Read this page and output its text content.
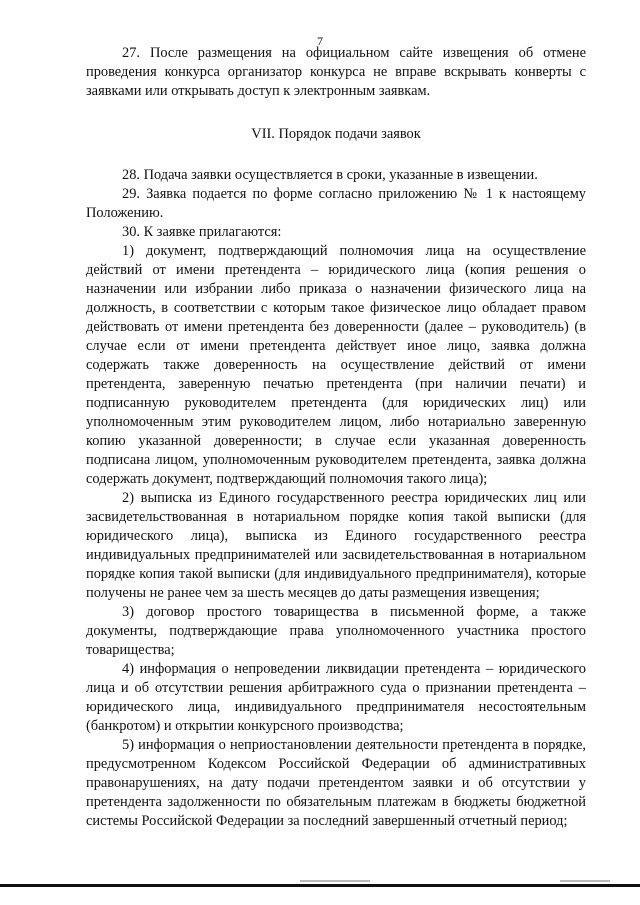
7

27. После размещения на официальном сайте извещения об отмене проведения конкурса организатор конкурса не вправе вскрывать конверты с заявками или открывать доступ к электронным заявкам.

VII. Порядок подачи заявок

28. Подача заявки осуществляется в сроки, указанные в извещении.

29. Заявка подается по форме согласно приложению № 1 к настоящему Положению.

30. К заявке прилагаются:

1) документ, подтверждающий полномочия лица на осуществление действий от имени претендента – юридического лица (копия решения о назначении или избрании либо приказа о назначении физического лица на должность, в соответствии с которым такое физическое лицо обладает правом действовать от имени претендента без доверенности (далее – руководитель) (в случае если от имени претендента действует иное лицо, заявка должна содержать также доверенность на осуществление действий от имени претендента, заверенную печатью претендента (при наличии печати) и подписанную руководителем претендента (для юридических лиц) или уполномоченным этим руководителем лицом, либо нотариально заверенную копию указанной доверенности; в случае если указанная доверенность подписана лицом, уполномоченным руководителем претендента, заявка должна содержать документ, подтверждающий полномочия такого лица);

2) выписка из Единого государственного реестра юридических лиц или засвидетельствованная в нотариальном порядке копия такой выписки (для юридического лица), выписка из Единого государственного реестра индивидуальных предпринимателей или засвидетельствованная в нотариальном порядке копия такой выписки (для индивидуального предпринимателя), которые получены не ранее чем за шесть месяцев до даты размещения извещения;

3) договор простого товарищества в письменной форме, а также документы, подтверждающие права уполномоченного участника простого товарищества;

4) информация о непроведении ликвидации претендента – юридического лица и об отсутствии решения арбитражного суда о признании претендента – юридического лица, индивидуального предпринимателя несостоятельным (банкротом) и открытии конкурсного производства;

5) информация о неприостановлении деятельности претендента в порядке, предусмотренном Кодексом Российской Федерации об административных правонарушениях, на дату подачи претендентом заявки и об отсутствии у претендента задолженности по обязательным платежам в бюджеты бюджетной системы Российской Федерации за последний завершенный отчетный период;
